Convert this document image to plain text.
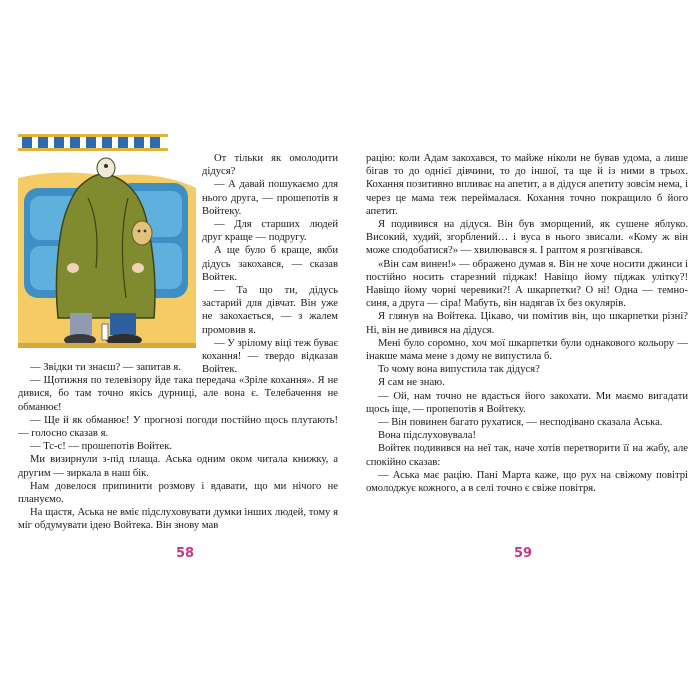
От тільки як омолодити дідуся?

— А давай пошукаємо для нього друга, — прошепотів я Войтеку.

— Для старших людей друг краще — подругу.

А ще було б краще, якби дідусь закохався, — сказав Войтек.

— Та що ти, дідусь застарий для дівчат. Він уже не закохається, — з жалем промовив я.

— У зрілому віці теж буває кохання! — твердо відказав Войтек.

— Звідки ти знаєш? — запитав я.

— Щотижня по телевізору йде така передача «Зріле кохання». Я не дивися, бо там точно якісь дурниці, але вона є. Телебачення не обманює!

— Ще й як обманює! У прогнозі погоди постійно щось плутають! — голосно сказав я.

— Тс-с! — прошепотів Войтек.

Ми визирнули з-під плаща. Аська одним оком читала книжку, а другим — зиркала в наш бік.

Нам довелося припинити розмову і вдавати, що ми нічого не плануємо.

На щастя, Аська не вміє підслуховувати думки інших людей, тому я міг обдумувати ідею Войтека. Він знову мав

58

рацію: коли Адам закохався, то майже ніколи не бував удома, а лише бігав то до однієї дівчини, то до іншої, та ще й із ними в трьох. Кохання позитивно впливає на апетит, а в дідуся апетиту зовсім нема, і через це мама теж переймалася. Кохання точно покращило б його апетит.

Я подивився на дідуся. Він був зморщений, як сушене яблуко. Високий, худий, згорблений… і вуса в нього звисали. «Кому ж він може сподобатися?» — хвилювався я. І раптом я розгнівався.

«Він сам винен!» — ображено думав я. Він не хоче носити джинси і постійно носить старезний піджак! Навіщо йому піджак улітку?! Навіщо йому чорні черевики?! А шкарпетки? О ні! Одна — темно-синя, а друга — сіра! Мабуть, він надягав їх без окулярів.

Я глянув на Войтека. Цікаво, чи помітив він, що шкарпетки різні? Ні, він не дивився на дідуся.

Мені було соромно, хоч мої шкарпетки були однакового кольору — інакше мама мене з дому не випустила б.

То чому вона випустила так дідуся?

Я сам не знаю.

— Ой, нам точно не вдасться його закохати. Ми маємо вигадати щось іще, — пропепотів я Войтеку.

— Він повинен багато рухатися, — несподівано сказала Аська.

Вона підслуховувала!

Войтек подивився на неї так, наче хотів перетворити її на жабу, але спокійно сказав:

— Аська має рацію. Пані Марта каже, що рух на свіжому повітрі омолоджує кожного, а в селі точно є свіже повітря.

59
